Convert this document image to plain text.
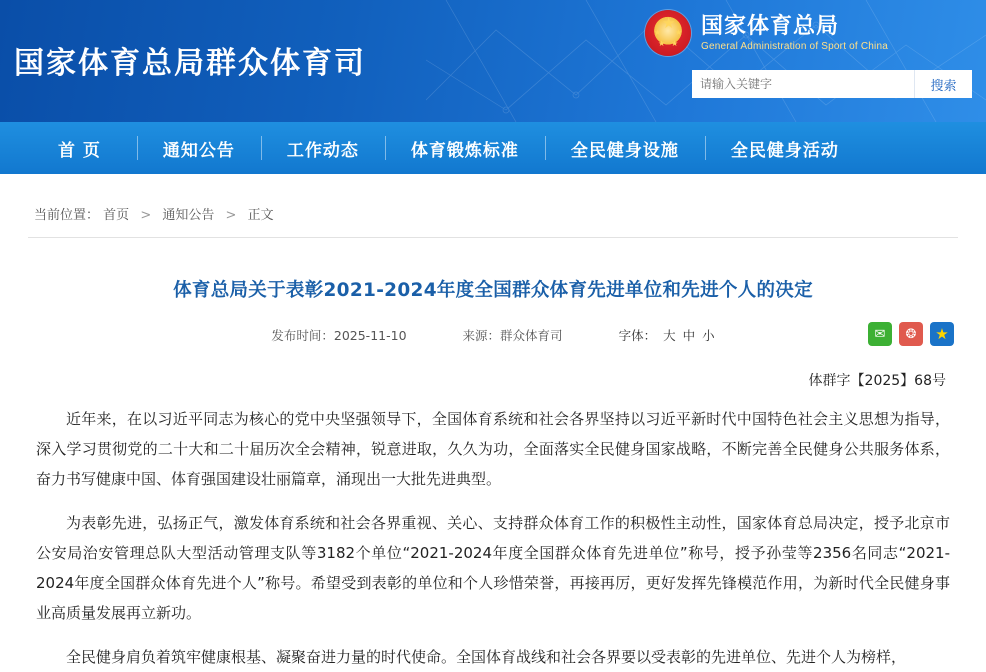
国家体育总局群众体育司
★
★ ★
★ ★
国家体育总局
General Administration of Sport of China
请输入关键字
搜索
首 页	通知公告	工作动态	体育锻炼标准	全民健身设施	全民健身活动
当前位置： 首页 > 通知公告 > 正文
体育总局关于表彰2021-2024年度全国群众体育先进单位和先进个人的决定
发布时间：2025-11-10	来源：群众体育司	字体： 大 中 小	✉	❂	★
体群字【2025】68号

近年来，在以习近平同志为核心的党中央坚强领导下，全国体育系统和社会各界坚持以习近平新时代中国特色社会主义思想为指导，深入学习贯彻党的二十大和二十届历次全会精神，锐意进取，久久为功，全面落实全民健身国家战略，不断完善全民健身公共服务体系，奋力书写健康中国、体育强国建设壮丽篇章，涌现出一大批先进典型。

为表彰先进，弘扬正气，激发体育系统和社会各界重视、关心、支持群众体育工作的积极性主动性，国家体育总局决定，授予北京市公安局治安管理总队大型活动管理支队等3182个单位“2021-2024年度全国群众体育先进单位”称号，授予孙莹等2356名同志“2021-2024年度全国群众体育先进个人”称号。希望受到表彰的单位和个人珍惜荣誉，再接再厉，更好发挥先锋模范作用，为新时代全民健身事业高质量发展再立新功。

全民健身肩负着筑牢健康根基、凝聚奋进力量的时代使命。全国体育战线和社会各界要以受表彰的先进单位、先进个人为榜样，
